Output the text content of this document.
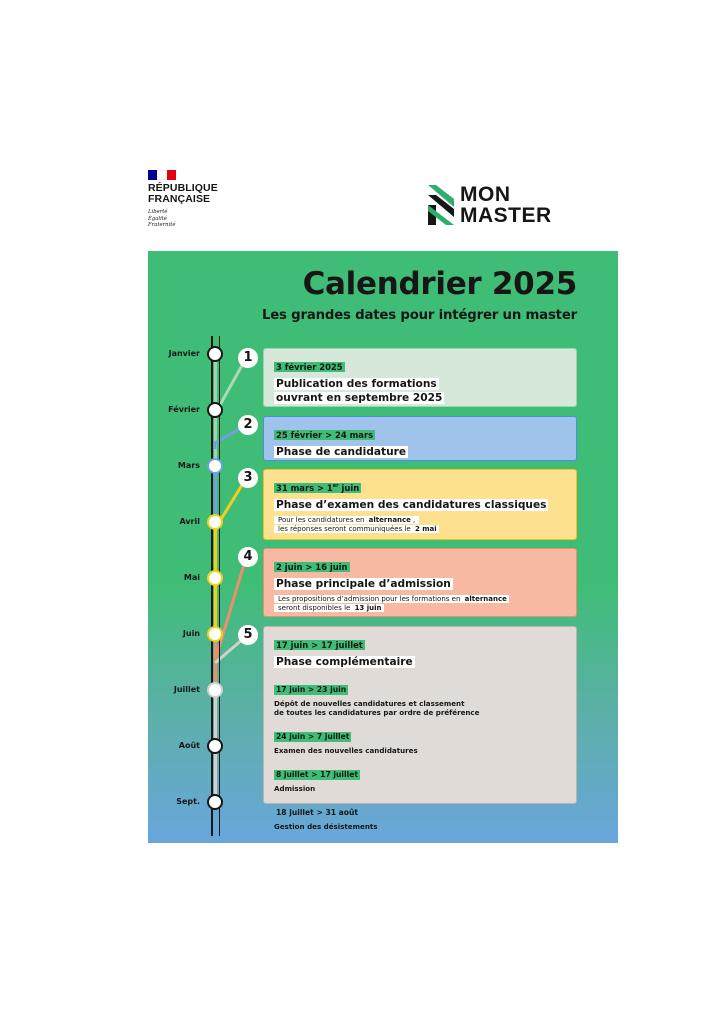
RÉPUBLIQUE
FRANÇAISE
Liberté
Égalité
Fraternité
MON
MASTER
Calendrier 2025
Les grandes dates pour intégrer un master
Janvier
Février
Mars
Avril
Mai
Juin
Juillet
Août
Sept.
1
3 février 2025
Publication des formations
ouvrant en septembre 2025
2
25 février > 24 mars
Phase de candidature
3
31 mars > 1er juin
Phase d’examen des candidatures classiques
Pour les candidatures en alternance ,
les réponses seront communiquées le 2 mai
4
2 juin > 16 juin
Phase principale d’admission
Les propositions d’admission pour les formations en alternance
seront disponibles le 13 juin
5
17 juin > 17 juillet
Phase complémentaire
17 juin > 23 juin
Dépôt de nouvelles candidatures et classement
de toutes les candidatures par ordre de préférence
24 juin > 7 juillet
Examen des nouvelles candidatures
8 juillet > 17 juillet
Admission
18 juillet > 31 août
Gestion des désistements
